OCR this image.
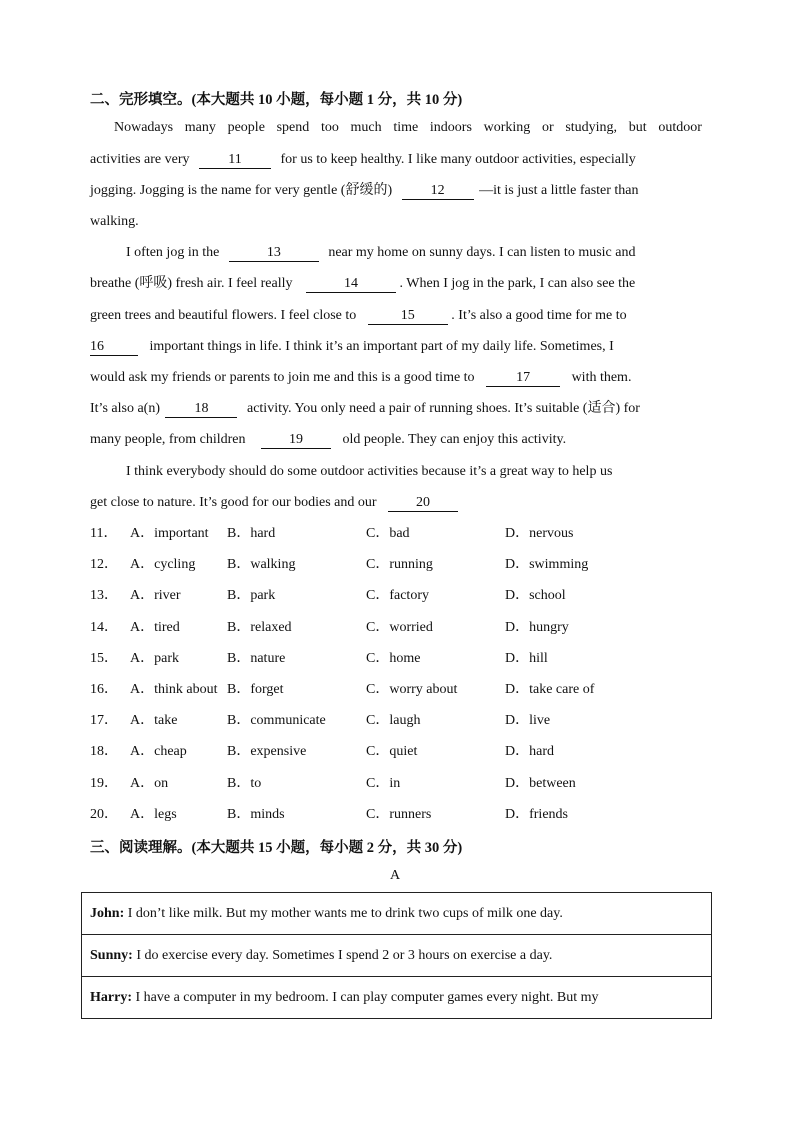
二、完形填空。(本大题共 10 小题，每小题 1 分，共 10 分)
Nowadays many people spend too much time indoors working or studying, but outdoor
activities are very	11	for us to keep healthy. I like many outdoor activities, especially
jogging. Jogging is the name for very gentle (舒缓的)	12 —it is just a little faster than
walking.
I often jog in the	13	near my home on sunny days. I can listen to music and
breathe (呼吸) fresh air. I feel really	14	. When I jog in the park, I can also see the
green trees and beautiful flowers. I feel close to	15	. It’s also a good time for me to
16	important things in life. I think it’s an important part of my daily life. Sometimes, I
would ask my friends or parents to join me and this is a good time to	17	with them.
It’s also a(n) 18	activity. You only need a pair of running shoes. It’s suitable (适合) for
many people, from children	19	old people. They can enjoy this activity.
I think everybody should do some outdoor activities because it’s a great way to help us
get close to nature. It’s good for our bodies and our	20
11． A．important B．hard	C．bad	D．nervous
12． A．cycling B．walking	C．running	D．swimming
13． A．river	B．park	C．factory	D．school
14． A．tired	B．relaxed	C．worried	D．hungry
15． A．park	B．nature	C．home	D．hill
16． A．think about B．forget	C．worry about	D．take care of
17． A．take	B．communicate	C．laugh	D．live
18． A．cheap	B．expensive	C．quiet	D．hard
19． A．on	B．to	C．in	D．between
20． A．legs	B．minds	C．runners	D．friends
三、阅读理解。(本大题共 15 小题，每小题 2 分，共 30 分)
A
John: I don’t like milk. But my mother wants me to drink two cups of milk one day.
Sunny: I do exercise every day. Sometimes I spend 2 or 3 hours on exercise a day.
Harry: I have a computer in my bedroom. I can play computer games every night. But my
